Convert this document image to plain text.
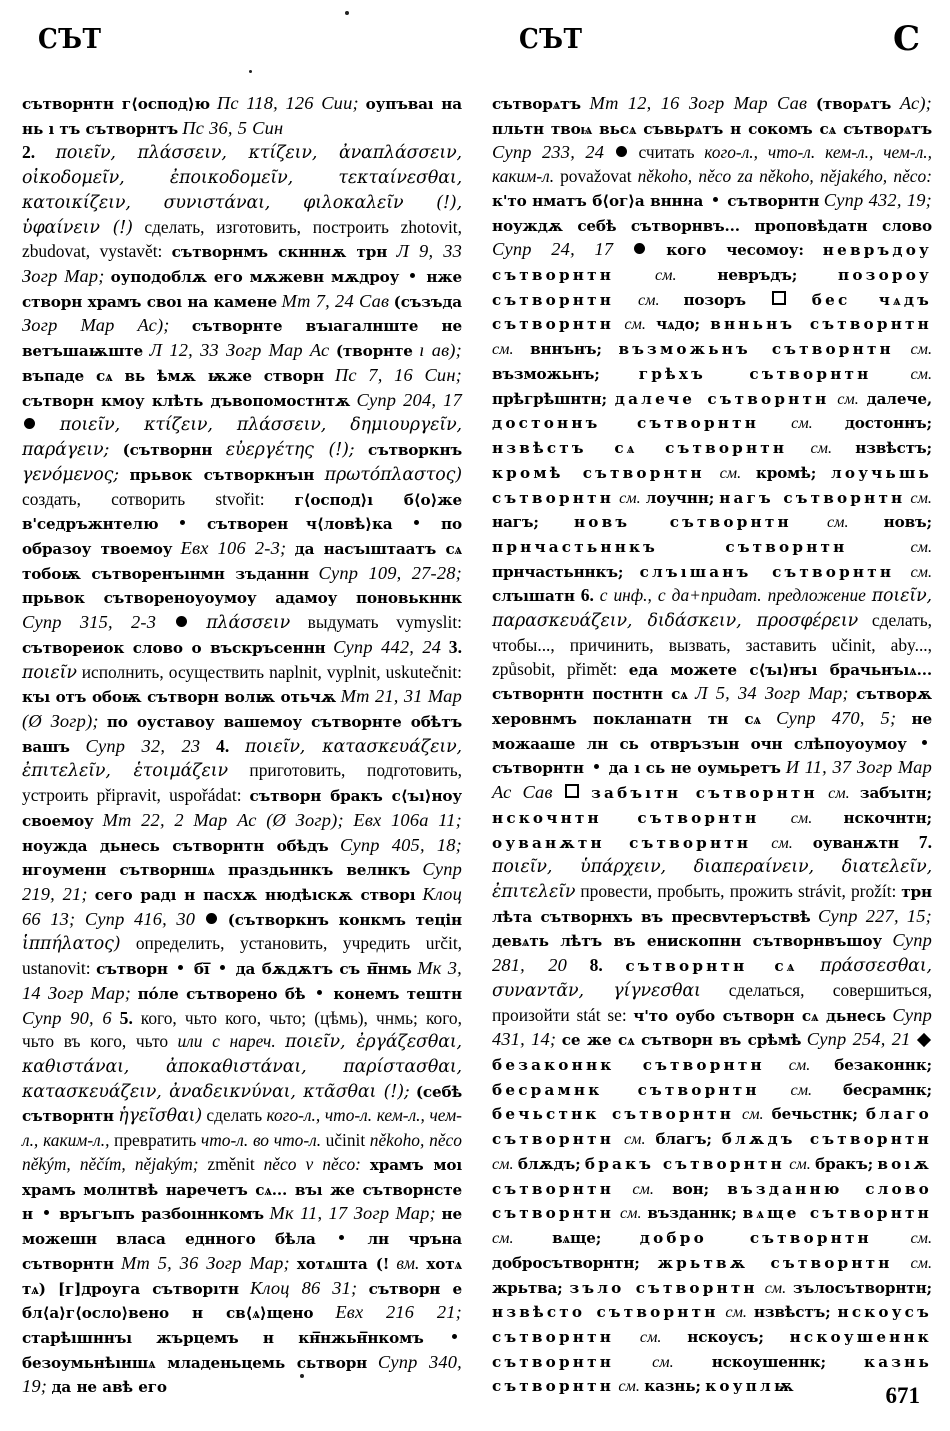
СЪТ	СЪТ	С

сътворнтн г⟨оспод⟩ю Пс 118, 126 Сии; оупъваı на нь ı тъ сътворнтъ Пс 36, 5 Син

2. ποιεῖν, πλάσσειν, κτίζειν, ἀναπλάσσειν, οἰκοδομεῖν, ἐποικοδομεῖν, τεκταίνεσθαι, κατοικίζειν, συνιστάναι, φιλοκαλεῖν (!), ὑφαίνειν (!) сделать, изготовить, построить zhotovit, zbudovat, vystavět: сътворнмъ скнннѫ трн Л 9, 33 Зогр Мар; оуподоблѫ его мѫжевн мѫдроу нже створн храмъ своı на камене Мт 7, 24 Сав (съзъда Зогр Мар Ас); сътворнте въıагалнште не ветъшаѭште Л 12, 33 Зогр Мар Ас (творнте ı ав); въпаде сѧ вь ѣмѫ ѭже створн Пс 7, 16 Син; сътворн кмоу клѣть дъвопомостнтѫ Супр 204, 17  ποιεῖν, κτίζειν, πλάσσειν, δημιουργεῖν, παράγειν; (сътворнн εὐεργέτης (!); сътворкнъ γενόμενος; прьвок сътворкнъıн πρωτόπλαστος) создать, сотворить stvořit: г⟨оспод⟩ı б⟨о⟩же в'седръжнтелю	сътворен ч⟨ловѣ⟩ка	по образоу твоемоу Евх 106 2-3; да насъıштаатъ сѧ тобоѭ сътворенъıнмн зъданнн Супр 109, 27-28; прьвок сътвореноуоумоу адамоу поновькннк Супр 315, 2-3	πλάσσειν выдумать vymyslit: сътвореиок слово о въскръсеннн Супр 442, 24 3. ποιεῖν исполнить, осуществить naplnit, vyplnit, uskutečnit: къı отъ обоѭ сътворн волѭ отьчѫ Мт 21, 31 Мар (Ø Зогр); по оуставоу вашемоу сътворнте обѣтъ вашъ Супр 32, 23 4. ποιεῖν, κατασκευάζειν, ἐπιτελεῖν, ἑτοιμάζειν приготовить, подготовить, устроить připravit, uspořádat: сътворн бракъ с⟨ъı⟩ноу своемоу Мт 22, 2 Мар Ас (Ø Зогр); Евх 106а 11; ноужда дьнесь сътворнтн обѣдъ Супр 405, 18; нгоуменн сътворншѧ праздьннкъ велнкъ Супр 219, 21; сего радı н пасхѫ нюдѣıскѫ створı Клоц 66 13; Супр 416, 30 (сътворкнъ конкмъ тецін ἱππήλατος) определить, установить, учредить určit, ustanovit: сътворн бі̅ да бѫдѫтъ съ н̅нмь Мк 3, 14 Зогр Мар; по́ле сътворено бѣ конемъ тештн Супр 90, 6 5. кого, чьто кого, чьто; (цѣмь), чнмь; кого, чьто въ кого, чьто или с нареч. ποιεῖν, ἐργάζεσθαι, καθιστάναι, ἀποκαθιστάναι, παρίστασθαι, κατασκευάζειν, ἀναδεικνύναι, κτᾶσθαι (!); (себѣ сътворнтн ἡγεῖσθαι) сделать кого-л., что-л. кем-л., чем-л., каким-л., превратить что-л. во что-л. učinit někoho, něco někým, něčím, nějakým; změnit něco v něco: храмъ моı храмъ молнтвѣ наречетъ сѧ... въı же сътворнсте н връгъпъ разбоıннкомъ Мк 11, 17 Зогр Мар; не можешн власа еднного бѣла	лн чръна сътворнтн Мт 5, 36 Зогр Мар; хотѧшта (! вм. хотѧ тѧ) [г]дроуга сътворıтн Клоц 86 31; сътворн е бл⟨а⟩г⟨осло⟩вено н св⟨ѧ⟩щено Евх 216 21; старѣıшннъı жърцемъ н кн̅нжьн̅нкомъ  безоумьнѣıншѧ младеньцемь сьтворн Супр 340, 19; да не авѣ его

сътворѧтъ Мт 12, 16 Зогр Мар Сав (творѧтъ Ас); пльтн твоѩ вьсѧ съвьрѧтъ н сокомъ сѧ сътворѧтъ Супр 233, 24 считать кого-л., что-л. кем-л., чем-л., каким-л. považovat někoho, něco za někoho, nějakého, něco: к'то нматъ б⟨ог⟩а вннна сътворнтн Супр 432, 19; ноуждѫ себѣ сътворнвъ... проповѣдатн слово Супр 24, 17	кого чесомоу: невръдоу сътворнтн	см.	невръдъ;	позороу сътворнтн см. позоръ	бес чѧдъ сътворнтн см. чѧдо; внньнъ сътворнтн см. вннънъ; възможьнъ сътворнтн см. възможьнъ;	грѣхъ сътворнтн см. прѣгрѣшнтн; далече сътворнтн см. далече, достоннъ сътворнтн см. достоннъ; нзвѣстъ сѧ сътворнтн см. нзвѣстъ; кромѣ сътворнтн см. кромѣ; лоучьшь сътворнтн см. лоучнн; нагъ сътворнтн см. нагъ; новъ сътворнтн см. новъ; прнчастьннкъ сътворнтн	см. прнчастьннкъ; слъıшанъ сътворнтн см. слъıшатн 6. с инф., с да+придат. предложение ποιεῖν, παρασκευάζειν, διδάσκειν, προσφέρειν сделать, чтобы..., причинить, вызвать, заставить učinit, aby..., způsobit, přimět: еда можете с⟨ъı⟩нъı брачьнъıѧ... сътворнтн постнтн сѧ Л 5, 34 Зогр Мар; сътворѫ херовнмъ покланıатн тн сѧ Супр 470, 5; не можааше лн сь отвръзъıн очн слѣпоуоумоу  сътворнтн да ı сь не оумьретъ И 11, 37 Зогр Мар Ас Сав	забъıтн сътворнтн см. забъıтн; нскочнтн сътворнтн см. нскочнтн; оуванѫтн сътворнтн см. оуванѫтн 7. ποιεῖν, ὑπάρχειν, διαπεραίνειν, διατελεῖν, ἐπιτελεῖν провести, пробыть, прожить strávit, prožít: трн лѣта сътворнхъ въ пресвvтеръствѣ Супр 227, 15; девѧть лѣтъ въ енископнн сътворнвъшоу Супр 281, 20 8. сътворнтн сѧ πράσσεσθαι, συναντᾶν, γίγνεσθαι сделаться, совершиться, произойти stát se: ч'то оубо сътворн сѧ дьнесь Супр 431, 14; се же сѧ сътворн въ срѣмѣ Супр 254, 21  безаконнк сътворнтн см. безаконнк; бесрамнк сътворнтн см. бесрамнк; бечьстнк сътворнтн см. бечьстнк; благо сътворнтн см. благъ; блѫдъ сътворнтн см. блѫдъ; бракъ сътворнтн см. бракъ; воıѫ сътворнтн см. вон; възданню слово сътворнтн см. възданнк; вѧще сътворнтн см.	вѧще;	добро сътворнтн см. добросътворнтн; жрьтвѫ сътворнтн см. жрьтва; зъло сътворнтн см. зълосътворнтн; нзвѣсто сътворнтн см. нзвѣстъ; нскоусъ сътворнтн см. нскоусъ; нскоушеннк сътворнтн см.	нскоушеннк;	казнь сътворнтн см. казнь; коуплѭ	671
